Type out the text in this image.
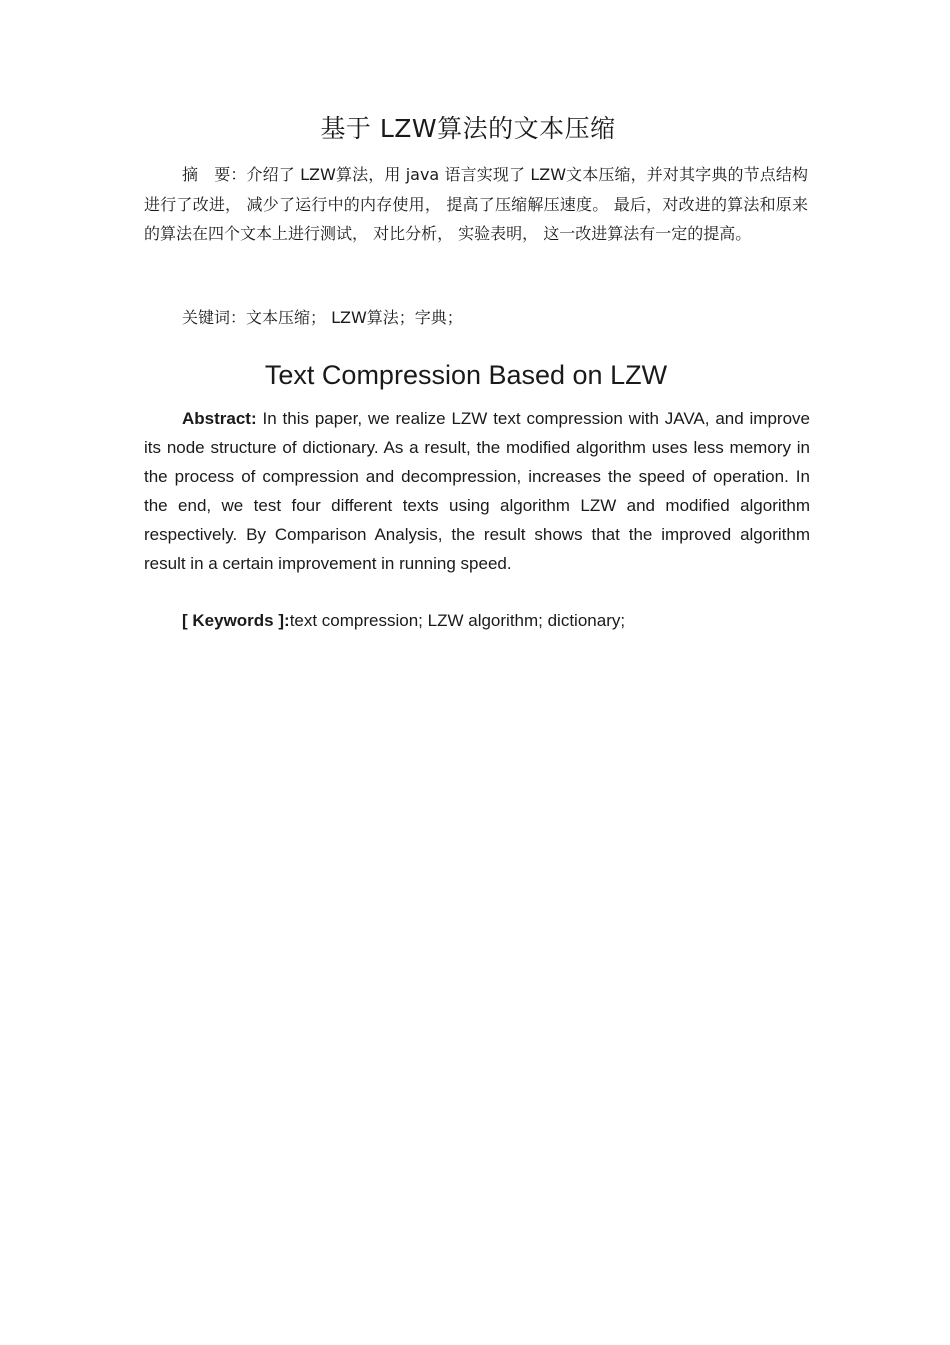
基于 LZW算法的文本压缩
摘　要：介绍了 LZW算法，用 java 语言实现了 LZW文本压缩，并对其字典的节点结构进行了改进， 减少了运行中的内存使用， 提高了压缩解压速度。 最后，对改进的算法和原来的算法在四个文本上进行测试， 对比分析， 实验表明， 这一改进算法有一定的提高。
关键词：文本压缩； LZW算法；字典；
Text Compression Based on LZW
Abstract: In this paper, we realize LZW text compression with JAVA, and improve its node structure of dictionary. As a result, the modified algorithm uses less memory in the process of compression and decompression, increases the speed of operation. In the end, we test four different texts using algorithm LZW and modified algorithm respectively. By Comparison Analysis, the result shows that the improved algorithm result in a certain improvement in running speed.
[ Keywords ]:text compression; LZW algorithm; dictionary;
